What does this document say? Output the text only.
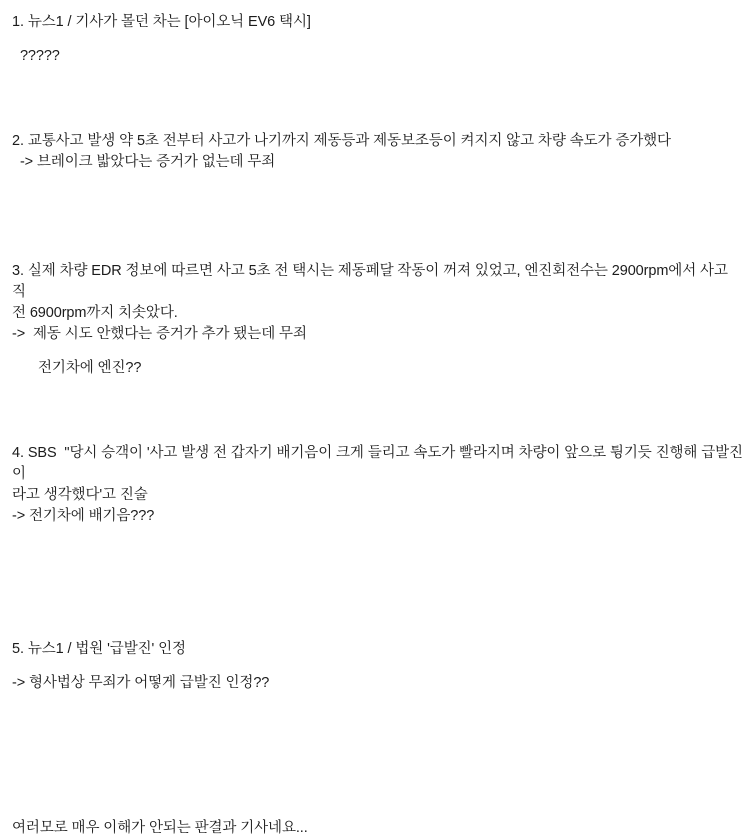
1. 뉴스1 / 기사가 몰던 차는 [아이오닉 EV6 택시]
?????
2. 교통사고 발생 약 5초 전부터 사고가 나기까지 제동등과 제동보조등이 켜지지 않고 차량 속도가 증가했다
-> 브레이크 밟았다는 증거가 없는데 무죄
3. 실제 차량 EDR 정보에 따르면 사고 5초 전 택시는 제동페달 작동이 꺼져 있었고, 엔진회전수는 2900rpm에서 사고 직
전 6900rpm까지 치솟았다.
->  제동 시도 안했다는 증거가 추가 됐는데 무죄
전기차에 엔진??
4. SBS  "당시 승객이 '사고 발생 전 갑자기 배기음이 크게 들리고 속도가 빨라지며 차량이 앞으로 튕기듯 진행해 급발진이
라고 생각했다'고 진술
-> 전기차에 배기음???
5. 뉴스1 / 법원 '급발진' 인정
-> 형사법상 무죄가 어떻게 급발진 인정??
여러모로 매우 이해가 안되는 판결과 기사네요...
